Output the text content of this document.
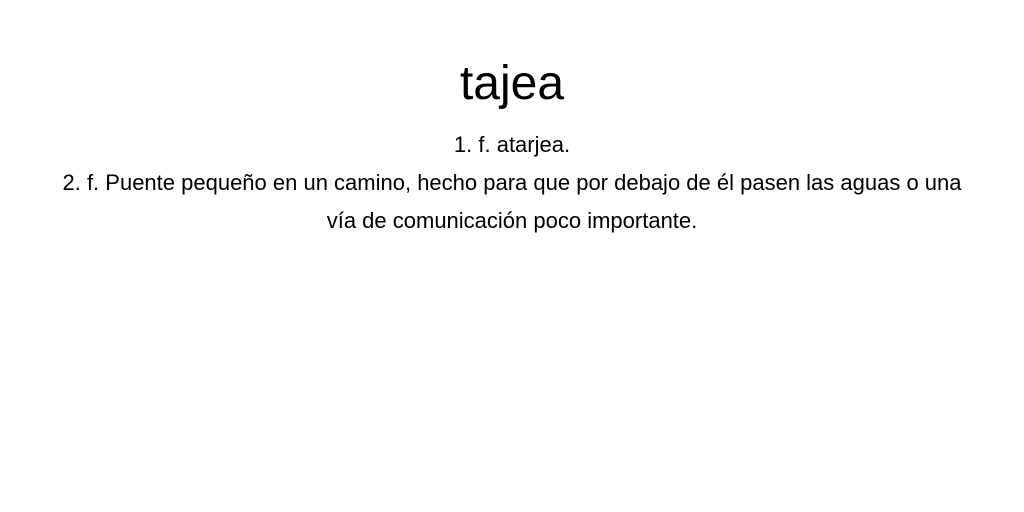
tajea

1. f. atarjea.

2. f. Puente pequeño en un camino, hecho para que por debajo de él pasen las aguas o una vía de comunicación poco importante.
